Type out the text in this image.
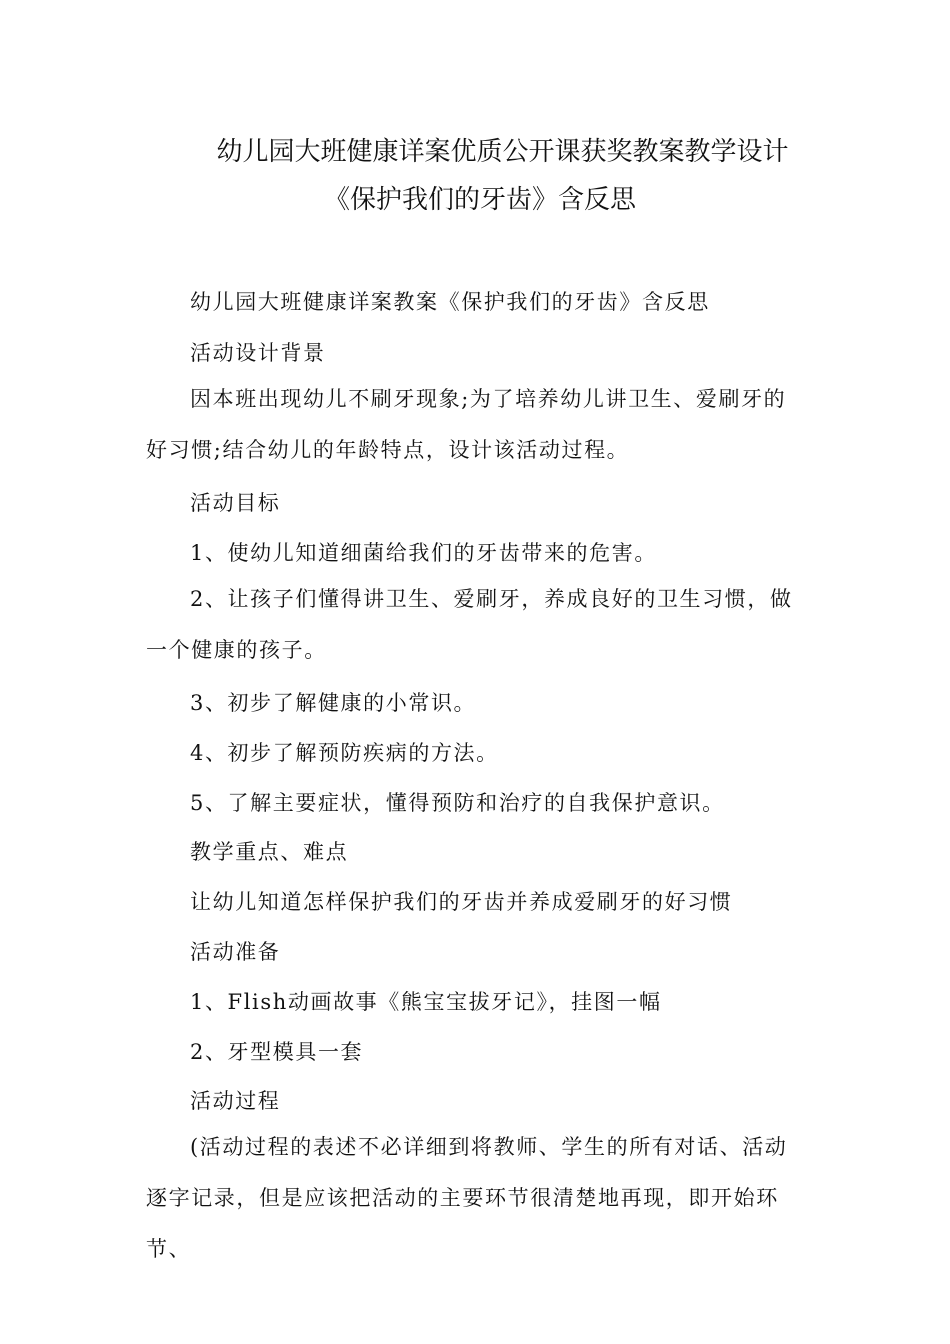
幼儿园大班健康详案优质公开课获奖教案教学设计
《保护我们的牙齿》含反思
幼儿园大班健康详案教案《保护我们的牙齿》含反思
活动设计背景
因本班出现幼儿不刷牙现象;为了培养幼儿讲卫生、爱刷牙的好习惯;结合幼儿的年龄特点，设计该活动过程。
活动目标
1、使幼儿知道细菌给我们的牙齿带来的危害。
2、让孩子们懂得讲卫生、爱刷牙，养成良好的卫生习惯，做一个健康的孩子。
3、初步了解健康的小常识。
4、初步了解预防疾病的方法。
5、了解主要症状，懂得预防和治疗的自我保护意识。
教学重点、难点
让幼儿知道怎样保护我们的牙齿并养成爱刷牙的好习惯
活动准备
1、Flish动画故事《熊宝宝拔牙记》，挂图一幅
2、牙型模具一套
活动过程
(活动过程的表述不必详细到将教师、学生的所有对话、活动逐字记录，但是应该把活动的主要环节很清楚地再现，即开始环节、
